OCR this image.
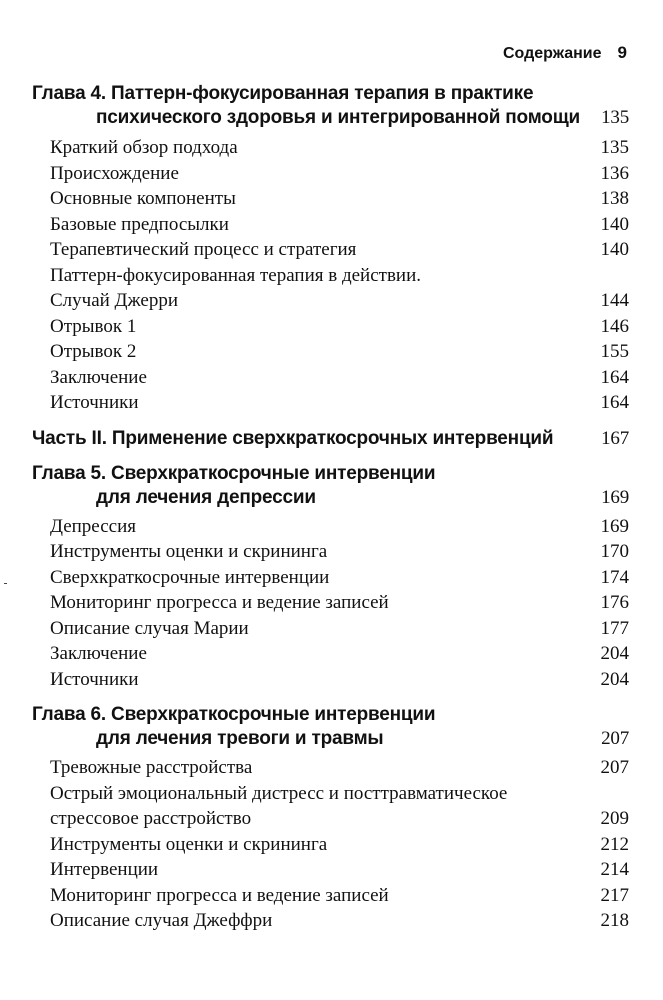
Содержание 9
Глава 4. Паттерн-фокусированная терапия в практике
психического здоровья и интегрированной помощи 135
Краткий обзор подхода	135
Происхождение	136
Основные компоненты	138
Базовые предпосылки	140
Терапевтический процесс и стратегия	140
Паттерн-фокусированная терапия в действии.
Случай Джерри	144
Отрывок 1	146
Отрывок 2	155
Заключение	164
Источники	164
Часть II. Применение сверхкраткосрочных интервенций	167
Глава 5. Сверхкраткосрочные интервенции
для лечения депрессии	169
Депрессия	169
Инструменты оценки и скрининга	170
Сверхкраткосрочные интервенции	174
Мониторинг прогресса и ведение записей	176
Описание случая Марии	177
Заключение	204
Источники	204
Глава 6. Сверхкраткосрочные интервенции
для лечения тревоги и травмы	207
Тревожные расстройства	207
Острый эмоциональный дистресс и посттравматическое
стрессовое расстройство	209
Инструменты оценки и скрининга	212
Интервенции	214
Мониторинг прогресса и ведение записей	217
Описание случая Джеффри	218
